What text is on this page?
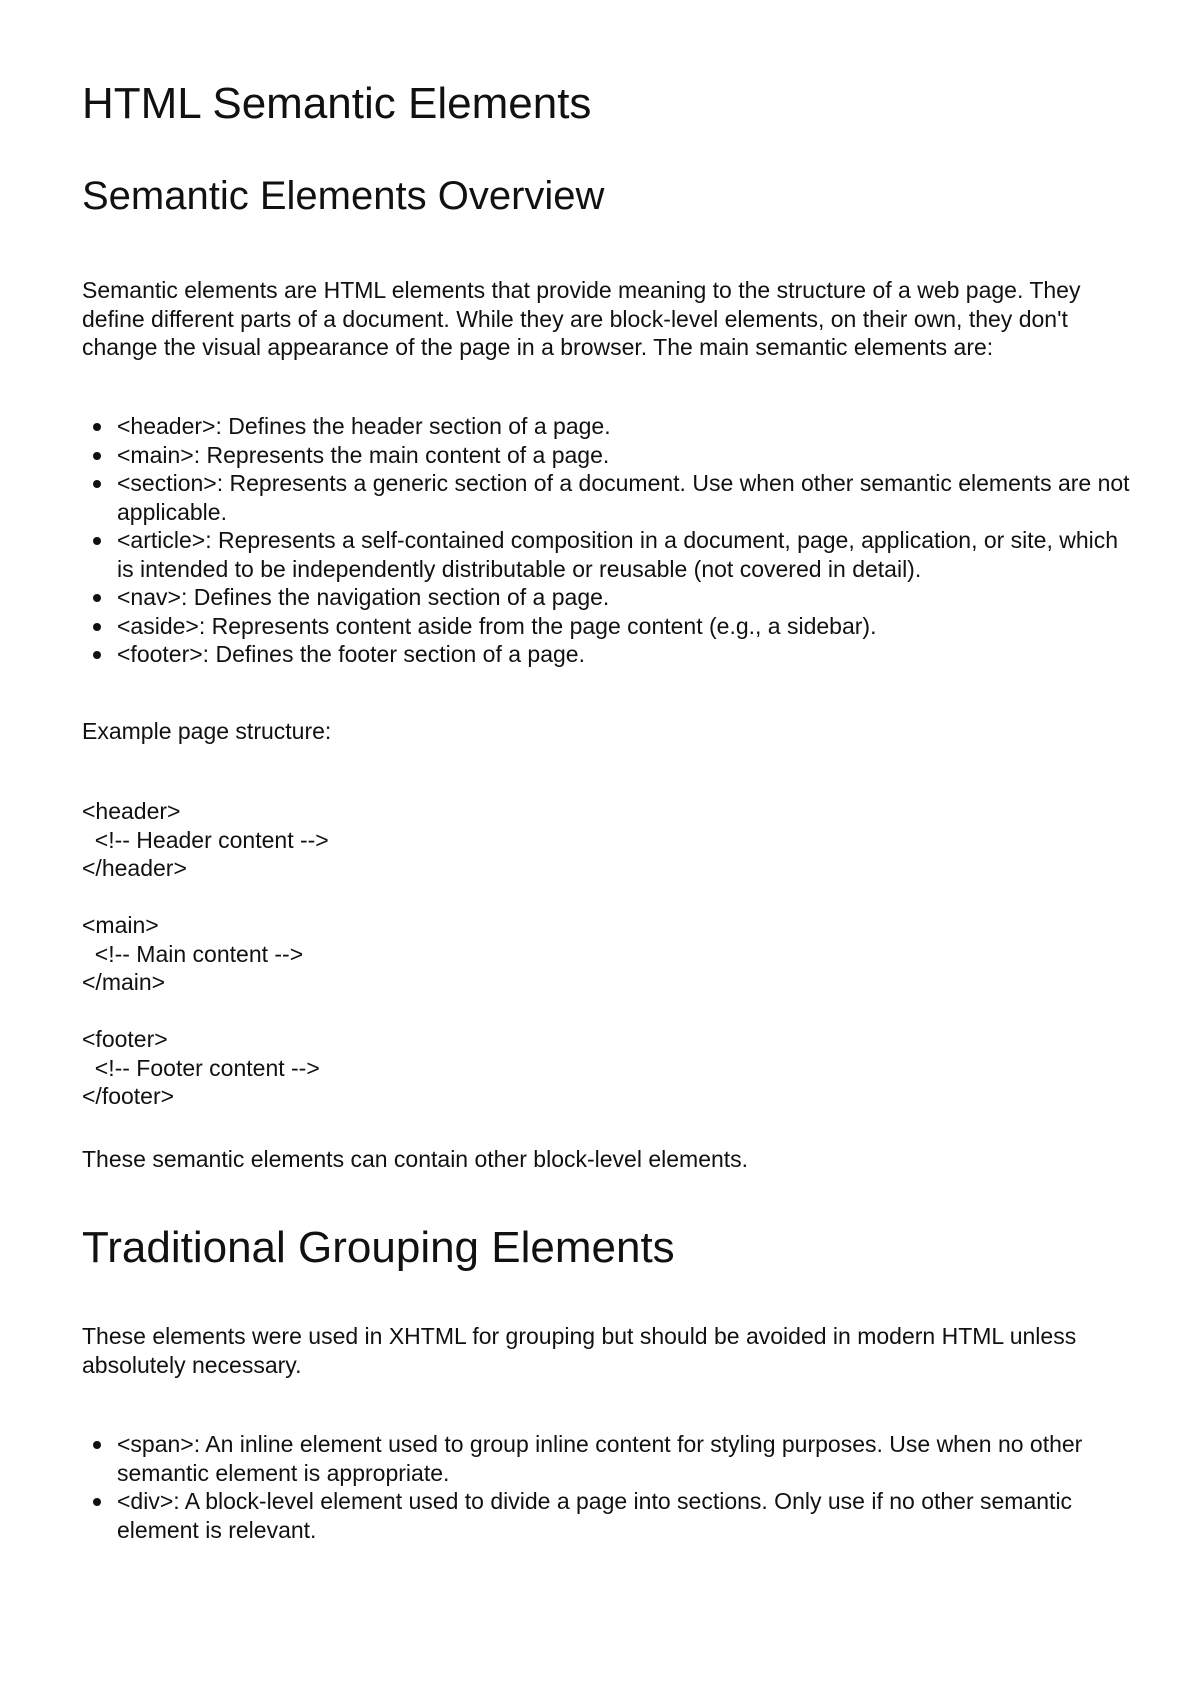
HTML Semantic Elements
Semantic Elements Overview

Semantic elements are HTML elements that provide meaning to the structure of a web page. They define different parts of a document. While they are block-level elements, on their own, they don't change the visual appearance of the page in a browser. The main semantic elements are:

<header>: Defines the header section of a page.
<main>: Represents the main content of a page.
<section>: Represents a generic section of a document. Use when other semantic elements are not applicable.
<article>: Represents a self-contained composition in a document, page, application, or site, which is intended to be independently distributable or reusable (not covered in detail).
<nav>: Defines the navigation section of a page.
<aside>: Represents content aside from the page content (e.g., a sidebar).
<footer>: Defines the footer section of a page.

Example page structure:

<header>
<!-- Header content -->
</header>
<main>
<!-- Main content -->
</main>
<footer>
<!-- Footer content -->
</footer>

These semantic elements can contain other block-level elements.

Traditional Grouping Elements

These elements were used in XHTML for grouping but should be avoided in modern HTML unless absolutely necessary.

<span>: An inline element used to group inline content for styling purposes. Use when no other semantic element is appropriate.
<div>: A block-level element used to divide a page into sections. Only use if no other semantic element is relevant.
